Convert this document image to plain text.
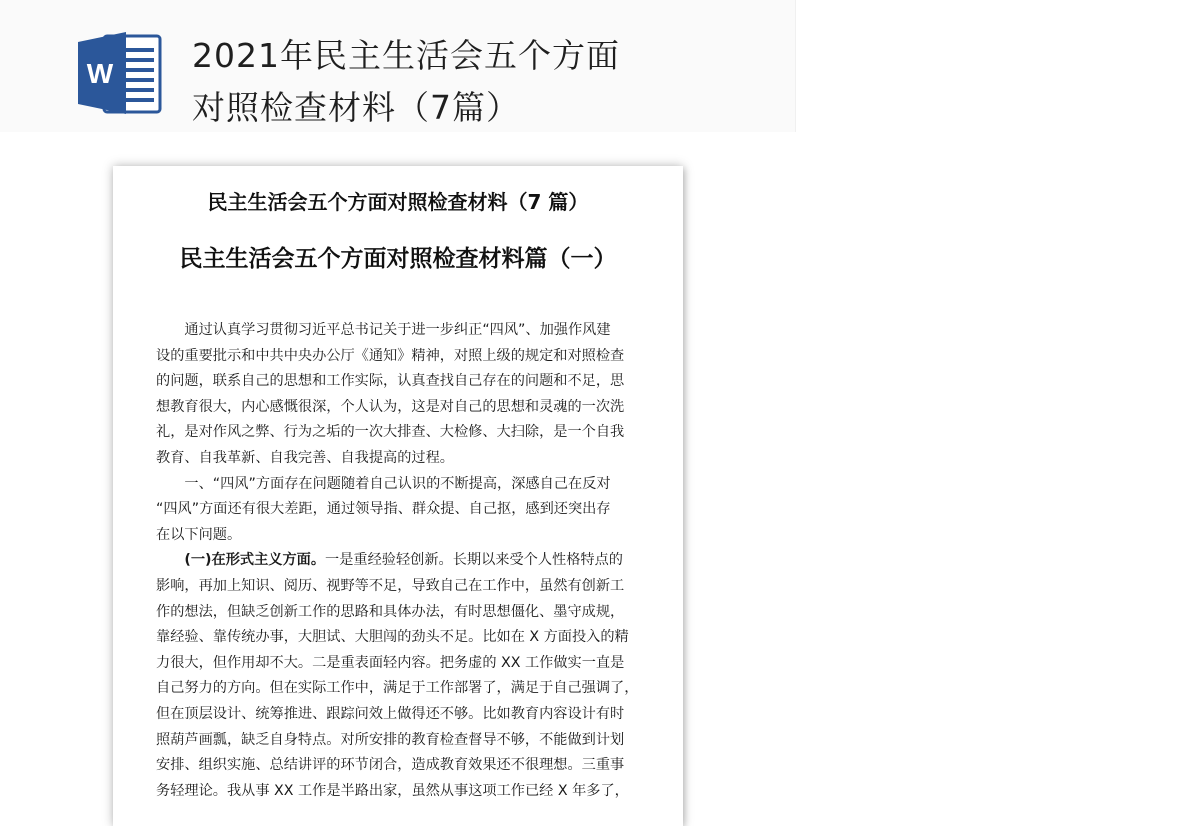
W 2021年民主生活会五个方面
对照检查材料（7篇）
民主生活会五个方面对照检查材料（7 篇）
民主生活会五个方面对照检查材料篇（一）
　　通过认真学习贯彻习近平总书记关于进一步纠正“四风”、加强作风建
设的重要批示和中共中央办公厅《通知》精神，对照上级的规定和对照检查
的问题，联系自己的思想和工作实际，认真查找自己存在的问题和不足，思
想教育很大，内心感慨很深，个人认为，这是对自己的思想和灵魂的一次洗
礼，是对作风之弊、行为之垢的一次大排查、大检修、大扫除，是一个自我
教育、自我革新、自我完善、自我提高的过程。
　　一、“四风”方面存在问题随着自己认识的不断提高，深感自己在反对
“四风”方面还有很大差距，通过领导指、群众提、自己抠，感到还突出存
在以下问题。
　　(一)在形式主义方面。一是重经验轻创新。长期以来受个人性格特点的
影响，再加上知识、阅历、视野等不足，导致自己在工作中，虽然有创新工
作的想法，但缺乏创新工作的思路和具体办法，有时思想僵化、墨守成规，
靠经验、靠传统办事，大胆试、大胆闯的劲头不足。比如在 X 方面投入的精
力很大，但作用却不大。二是重表面轻内容。把务虚的 XX 工作做实一直是
自己努力的方向。但在实际工作中，满足于工作部署了，满足于自己强调了，
但在顶层设计、统筹推进、跟踪问效上做得还不够。比如教育内容设计有时
照葫芦画瓢，缺乏自身特点。对所安排的教育检查督导不够，不能做到计划
安排、组织实施、总结讲评的环节闭合，造成教育效果还不很理想。三重事
务轻理论。我从事 XX 工作是半路出家，虽然从事这项工作已经 X 年多了，
